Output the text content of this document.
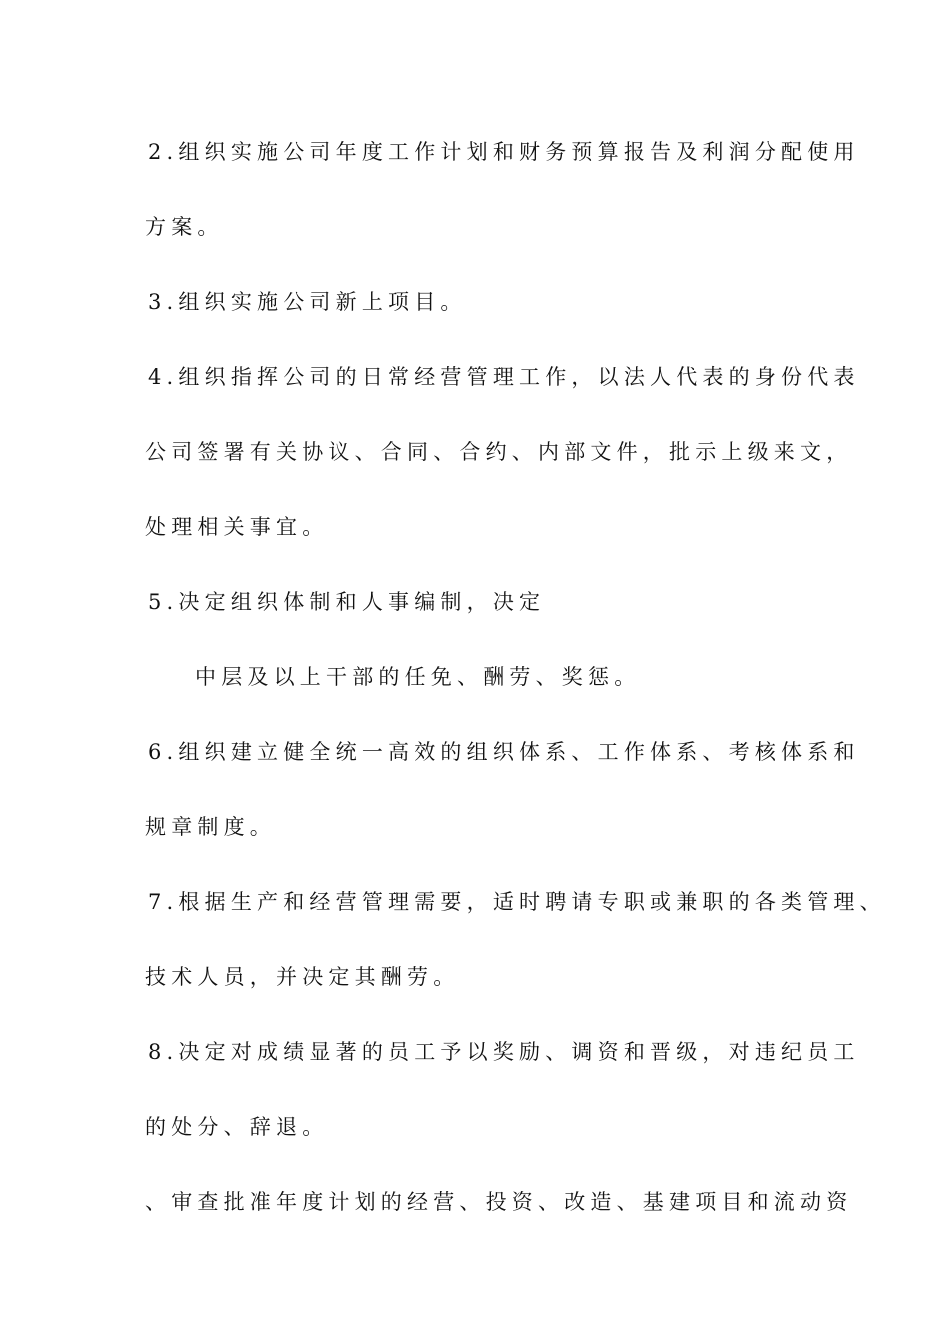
2.组织实施公司年度工作计划和财务预算报告及利润分配使用
方案。
3.组织实施公司新上项目。
4.组织指挥公司的日常经营管理工作，以法人代表的身份代表
公司签署有关协议、合同、合约、内部文件，批示上级来文，
处理相关事宜。
5.决定组织体制和人事编制，决定
中层及以上干部的任免、酬劳、奖惩。
6.组织建立健全统一高效的组织体系、工作体系、考核体系和
规章制度。
7.根据生产和经营管理需要，适时聘请专职或兼职的各类管理、
技术人员，并决定其酬劳。
8.决定对成绩显著的员工予以奖励、调资和晋级，对违纪员工
的处分、辞退。
、审查批准年度计划的经营、投资、改造、基建项目和流动资
